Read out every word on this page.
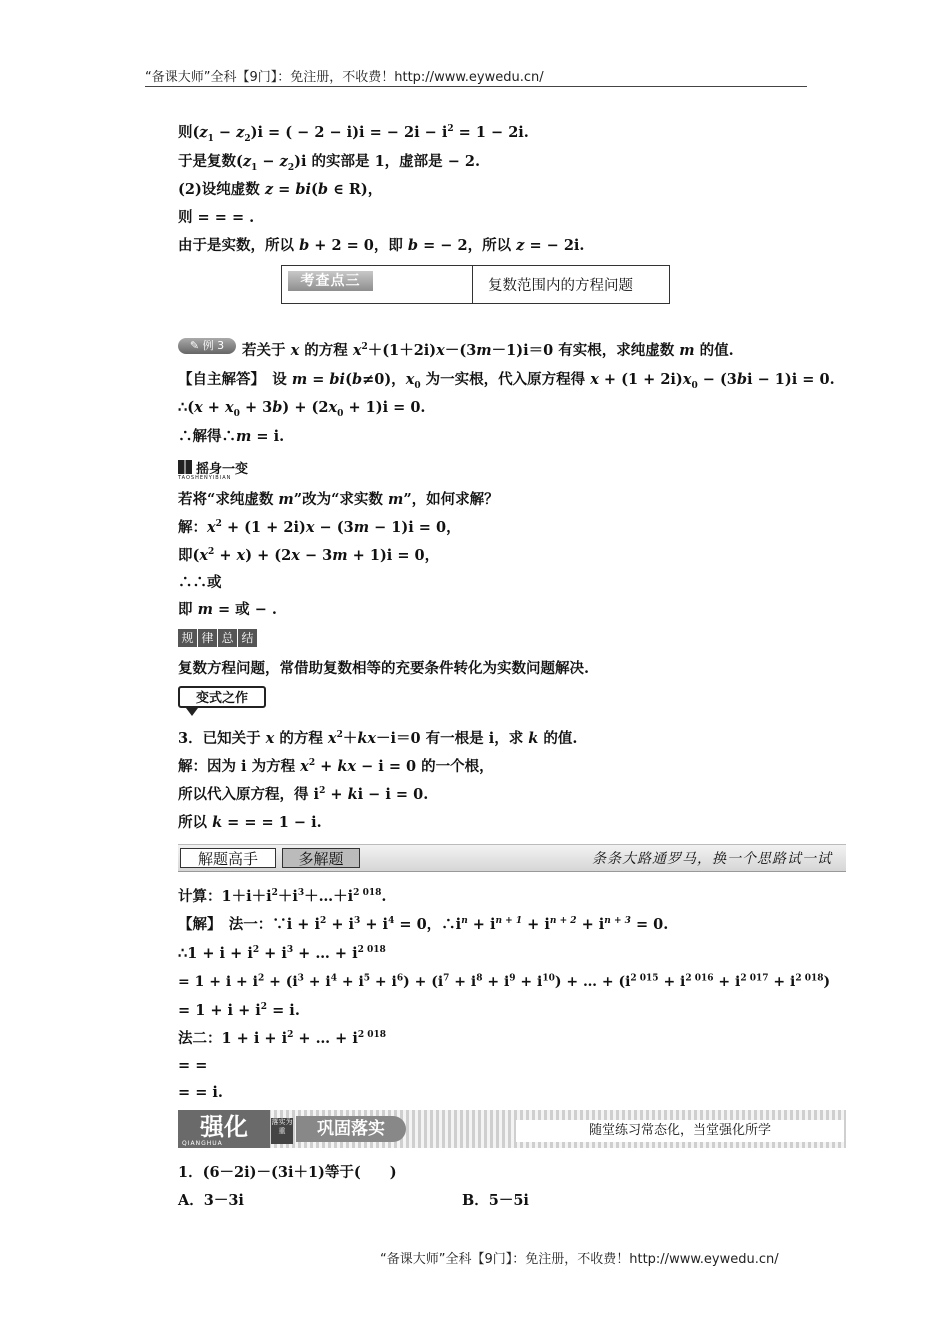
“备课大师”全科【9门】：免注册，不收费！http://www.eywedu.cn/
则$(z_1 - z_2)i$ = ( − 2 − i)i = − $2i - i^2 = 1 - 2i$.
于是复数$(z_1 - z_2)i$ 的实部是 1，虚部是 − 2.
(2)设纯虚数 z = bi(b ∈ R)，
则 = = = .
由于是实数，所以 b + 2 = 0，即 b = − 2，所以 z = − 2i.
考查点三	复数范围内的方程问题
✎ 例 3	若关于 x 的方程 $x^2+(1+2i)x-(3m-1)i=0$ 有实根，求纯虚数 m 的值.
【自主解答】　设 m = bi(b≠0)，$x_0$ 为一实根，代入原方程得 $x + (1 + 2i)x_0 - (3bi - 1)i = 0$.
∴(x + $x_0 + 3b) + (2x_0 + 1)i = 0$.
∴解得∴m = i.
摇身一变
TAOSHENYIBIAN
若将“求纯虚数 m”改为“求实数 m”，如何求解？
解：$x^2 + (1 + 2i)x - (3m - 1)i = 0$，
即$(x^2 + x) + (2x - 3m + 1)i = 0$，
∴∴或
即 m = 或 − .
规 律 总 结
复数方程问题，常借助复数相等的充要条件转化为实数问题解决.
变式之作
3．已知关于 x 的方程 $x^2+kx-i=0$ 有一根是 i，求 k 的值.
解：因为 i 为方程 $x^2$ + kx − i = 0 的一个根，
所以代入原方程，得 $i^2$ + ki − i = 0.
所以 k = = = 1 − i.
解题高手	多解题	条条大路通罗马，换一个思路试一试
计算：$1+i+i^2+i^3+\dots+i^{2 018}$.
【解】　法一：∵i + $i^2 + i^3 + i^4 = 0$，$\therefore i^n + i^{n + 1} + i^{n + 2} + i^{n + 3} = 0$.
∴1 + $i + i^2 + i^3$ + … + $i^{2 018}$
= $1 + i + i^2 + (i^3 + i^4 + i^5 + i^6) + (i^7 + i^8 + i^9 + i^{10})$ + … + $(i^{2 015} + i^{2 016} + i^{2 017} + i^{2 018})$
= $1 + i + i^2 = i$.
法二：$1 + i + i^2$ + … + $i^{2 018}$
= =
= = i.
强化
QIANGHUA
落实为重	巩固落实	随堂练习常态化，当堂强化所学
1．(6－2i)－(3i＋1)等于(　　)
A．3－3i	B．5－5i
“备课大师”全科【9门】：免注册，不收费！http://www.eywedu.cn/
